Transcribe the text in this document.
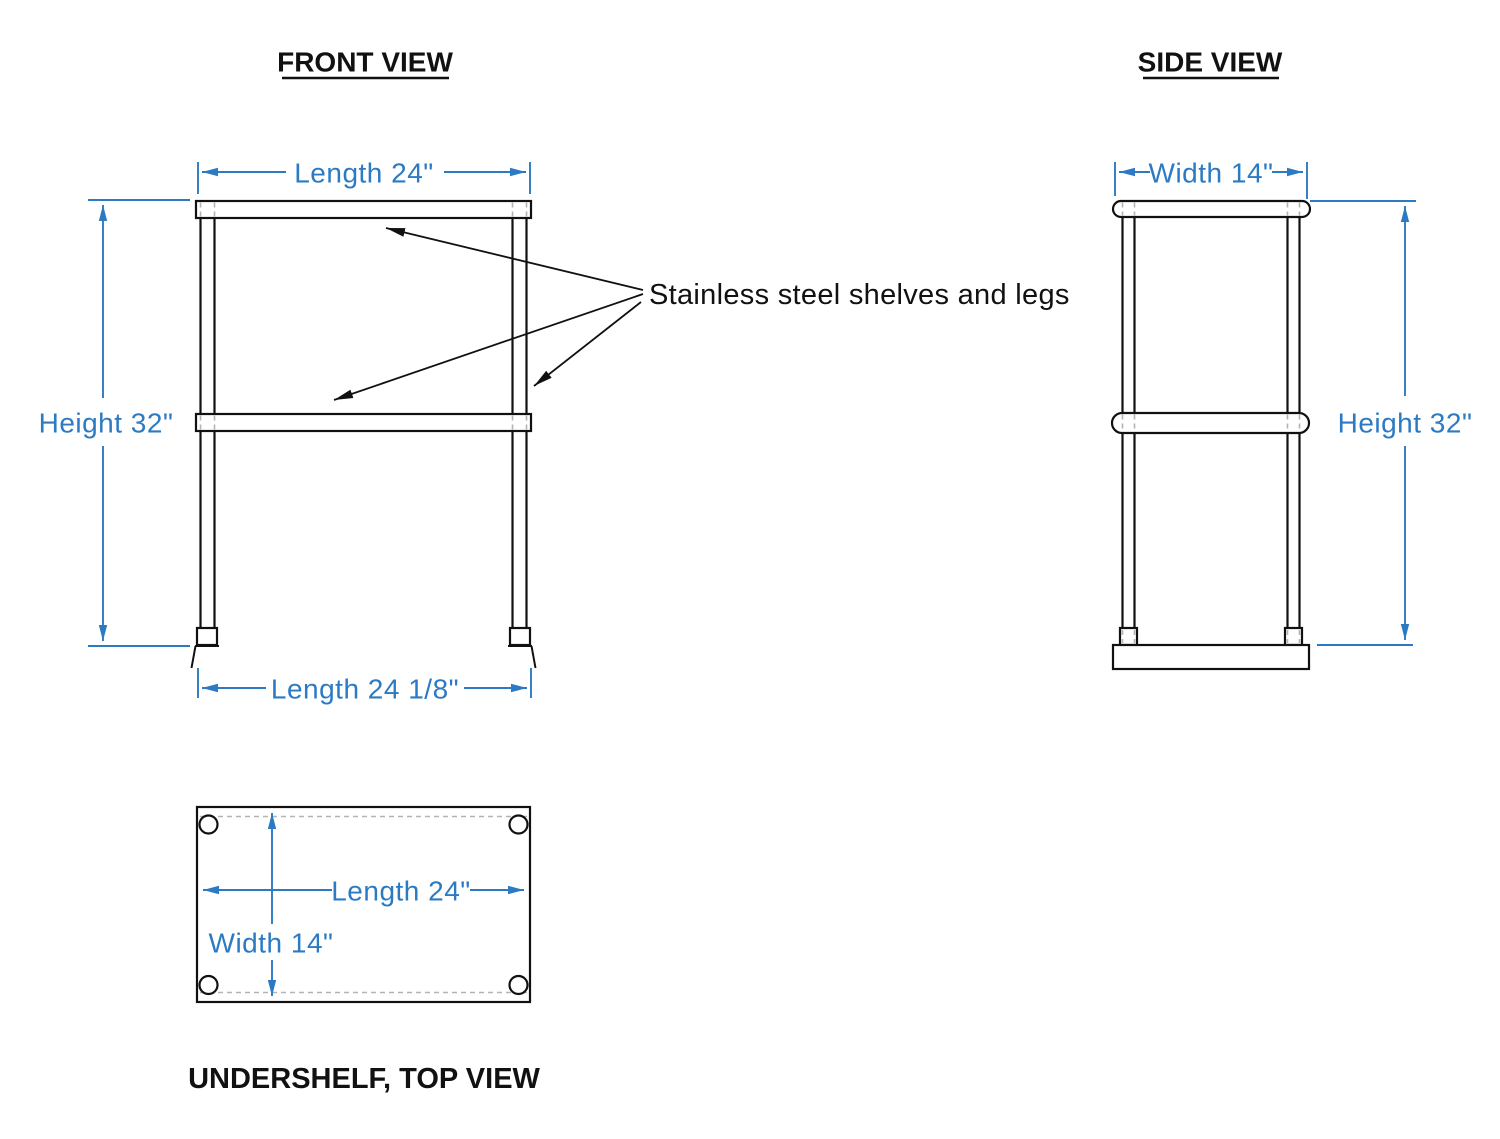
FRONT VIEW
Length 24"
Height 32"
Length 24 1/8"
Stainless steel shelves and legs
SIDE VIEW
Width 14"
Height 32"
Length 24"
Width 14"
UNDERSHELF, TOP VIEW
